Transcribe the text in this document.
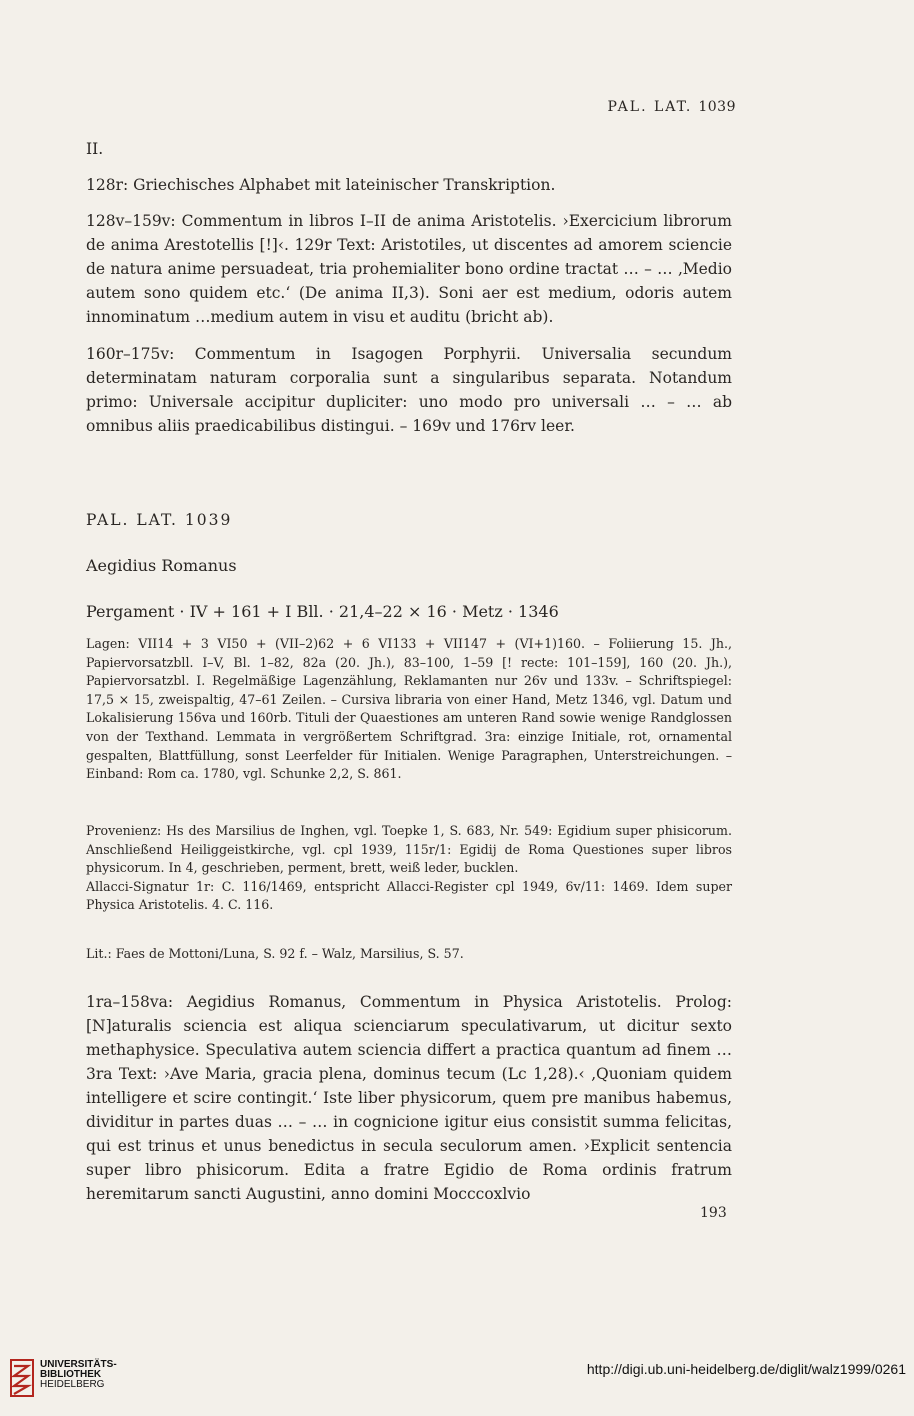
PAL. LAT. 1039
II.

128r: Griechisches Alphabet mit lateinischer Transkription.

128v–159v: Commentum in libros I–II de anima Aristotelis. ›Exercicium librorum de anima Arestotellis [!]‹. 129r Text: Aristotiles, ut discentes ad amorem sciencie de natura anime persuadeat, tria prohemialiter bono ordine tractat … – … ‚Medio autem sono quidem etc.‘ (De anima II,3). Soni aer est medium, odoris autem innominatum …medium autem in visu et auditu (bricht ab).

160r–175v: Commentum in Isagogen Porphyrii. Universalia secundum determinatam naturam corporalia sunt a singularibus separata. Notandum primo: Universale accipitur dupliciter: uno modo pro universali … – … ab omnibus aliis praedicabilibus distingui. – 169v und 176rv leer.

PAL. LAT. 1039
Aegidius Romanus
Pergament · IV + 161 + I Bll. · 21,4–22 × 16 · Metz · 1346

Lagen: VII14 + 3 VI50 + (VII–2)62 + 6 VI133 + VII147 + (VI+1)160. – Foliierung 15. Jh., Papiervorsatzbll. I–V, Bl. 1–82, 82a (20. Jh.), 83–100, 1–59 [! recte: 101–159], 160 (20. Jh.), Papiervorsatzbl. I. Regelmäßige Lagenzählung, Reklamanten nur 26v und 133v. – Schriftspiegel: 17,5 × 15, zweispaltig, 47–61 Zeilen. – Cursiva libraria von einer Hand, Metz 1346, vgl. Datum und Lokalisierung 156va und 160rb. Tituli der Quaestiones am unteren Rand sowie wenige Randglossen von der Texthand. Lemmata in vergrößertem Schriftgrad. 3ra: einzige Initiale, rot, ornamental gespalten, Blattfüllung, sonst Leerfelder für Initialen. Wenige Paragraphen, Unterstreichungen. – Einband: Rom ca. 1780, vgl. Schunke 2,2, S. 861.

Provenienz: Hs des Marsilius de Inghen, vgl. Toepke 1, S. 683, Nr. 549: Egidium super phisicorum. Anschließend Heiliggeistkirche, vgl. cpl 1939, 115r/1: Egidij de Roma Questiones super libros physicorum. In 4, geschrieben, perment, brett, weiß leder, bucklen.

Allacci-Signatur 1r: C. 116/1469, entspricht Allacci-Register cpl 1949, 6v/11: 1469. Idem super Physica Aristotelis. 4. C. 116.

Lit.: Faes de Mottoni/Luna, S. 92 f. – Walz, Marsilius, S. 57.

1ra–158va: Aegidius Romanus, Commentum in Physica Aristotelis. Prolog: [N]aturalis sciencia est aliqua scienciarum speculativarum, ut dicitur sexto methaphysice. Speculativa autem sciencia differt a practica quantum ad finem … 3ra Text: ›Ave Maria, gracia plena, dominus tecum (Lc 1,28).‹ ‚Quoniam quidem intelligere et scire contingit.‘ Iste liber physicorum, quem pre manibus habemus, dividitur in partes duas … – … in cognicione igitur eius consistit summa felicitas, qui est trinus et unus benedictus in secula seculorum amen. ›Explicit sentencia super libro phisicorum. Edita a fratre Egidio de Roma ordinis fratrum heremitarum sancti Augustini, anno domini Mocccoxlvio

193
UNIVERSITÄTS-
BIBLIOTHEK
HEIDELBERG
http://digi.ub.uni-heidelberg.de/diglit/walz1999/0261
